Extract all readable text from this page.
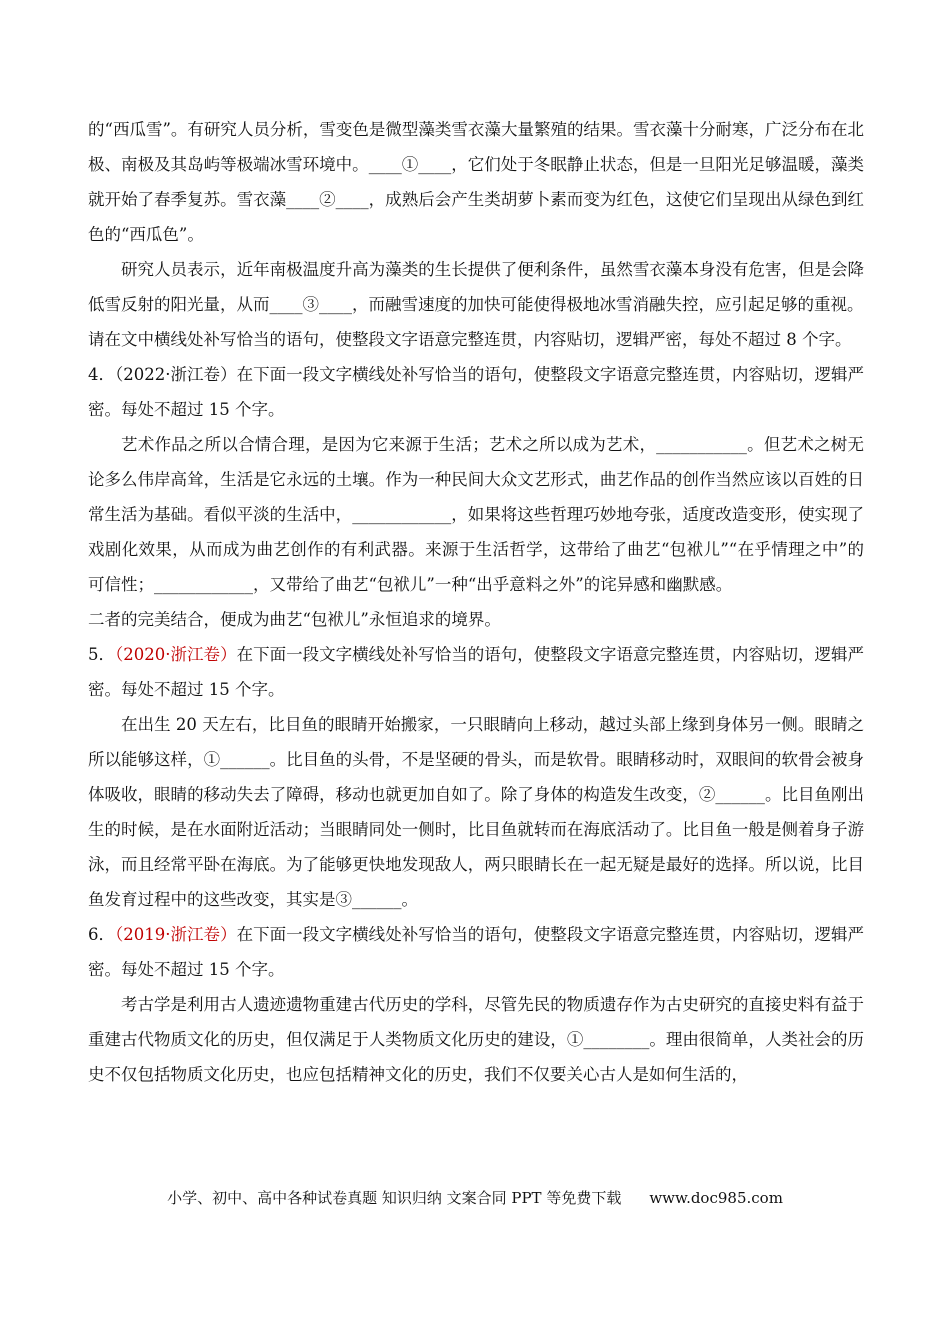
的“西瓜雪”。有研究人员分析，雪变色是微型藻类雪衣藻大量繁殖的结果。雪衣藻十分耐寒，广泛分布在北极、南极及其岛屿等极端冰雪环境中。____①____，它们处于冬眠静止状态，但是一旦阳光足够温暖，藻类就开始了春季复苏。雪衣藻____②____，成熟后会产生类胡萝卜素而变为红色，这使它们呈现出从绿色到红色的“西瓜色”。

研究人员表示，近年南极温度升高为藻类的生长提供了便利条件，虽然雪衣藻本身没有危害，但是会降低雪反射的阳光量，从而____③____，而融雪速度的加快可能使得极地冰雪消融失控，应引起足够的重视。

请在文中横线处补写恰当的语句，使整段文字语意完整连贯，内容贴切，逻辑严密，每处不超过 8 个字。

4．（2022·浙江卷）在下面一段文字横线处补写恰当的语句，使整段文字语意完整连贯，内容贴切，逻辑严密。每处不超过 15 个字。

艺术作品之所以合情合理，是因为它来源于生活；艺术之所以成为艺术，___________。但艺术之树无论多么伟岸高耸，生活是它永远的土壤。作为一种民间大众文艺形式，曲艺作品的创作当然应该以百姓的日常生活为基础。看似平淡的生活中，____________，如果将这些哲理巧妙地夸张，适度改造变形，使实现了戏剧化效果，从而成为曲艺创作的有利武器。来源于生活哲学，这带给了曲艺“包袱儿”“在乎情理之中”的可信性；____________，又带给了曲艺“包袱儿”一种“出乎意料之外”的诧异感和幽默感。

二者的完美结合，便成为曲艺“包袱儿”永恒追求的境界。

5．（2020·浙江卷）在下面一段文字横线处补写恰当的语句，使整段文字语意完整连贯，内容贴切，逻辑严密。每处不超过 15 个字。

在出生 20 天左右，比目鱼的眼睛开始搬家，一只眼睛向上移动，越过头部上缘到身体另一侧。眼睛之所以能够这样，①______。比目鱼的头骨，不是坚硬的骨头，而是软骨。眼睛移动时，双眼间的软骨会被身体吸收，眼睛的移动失去了障碍，移动也就更加自如了。除了身体的构造发生改变，②______。比目鱼刚出生的时候，是在水面附近活动；当眼睛同处一侧时，比目鱼就转而在海底活动了。比目鱼一般是侧着身子游泳，而且经常平卧在海底。为了能够更快地发现敌人，两只眼睛长在一起无疑是最好的选择。所以说，比目鱼发育过程中的这些改变，其实是③______。

6．（2019·浙江卷）在下面一段文字横线处补写恰当的语句，使整段文字语意完整连贯，内容贴切，逻辑严密。每处不超过 15 个字。

考古学是利用古人遗迹遗物重建古代历史的学科，尽管先民的物质遗存作为古史研究的直接史料有益于重建古代物质文化的历史，但仅满足于人类物质文化历史的建设，①________。理由很简单，人类社会的历史不仅包括物质文化历史，也应包括精神文化的历史，我们不仅要关心古人是如何生活的，

小学、初中、高中各种试卷真题 知识归纳 文案合同 PPT 等免费下载 www.doc985.com
